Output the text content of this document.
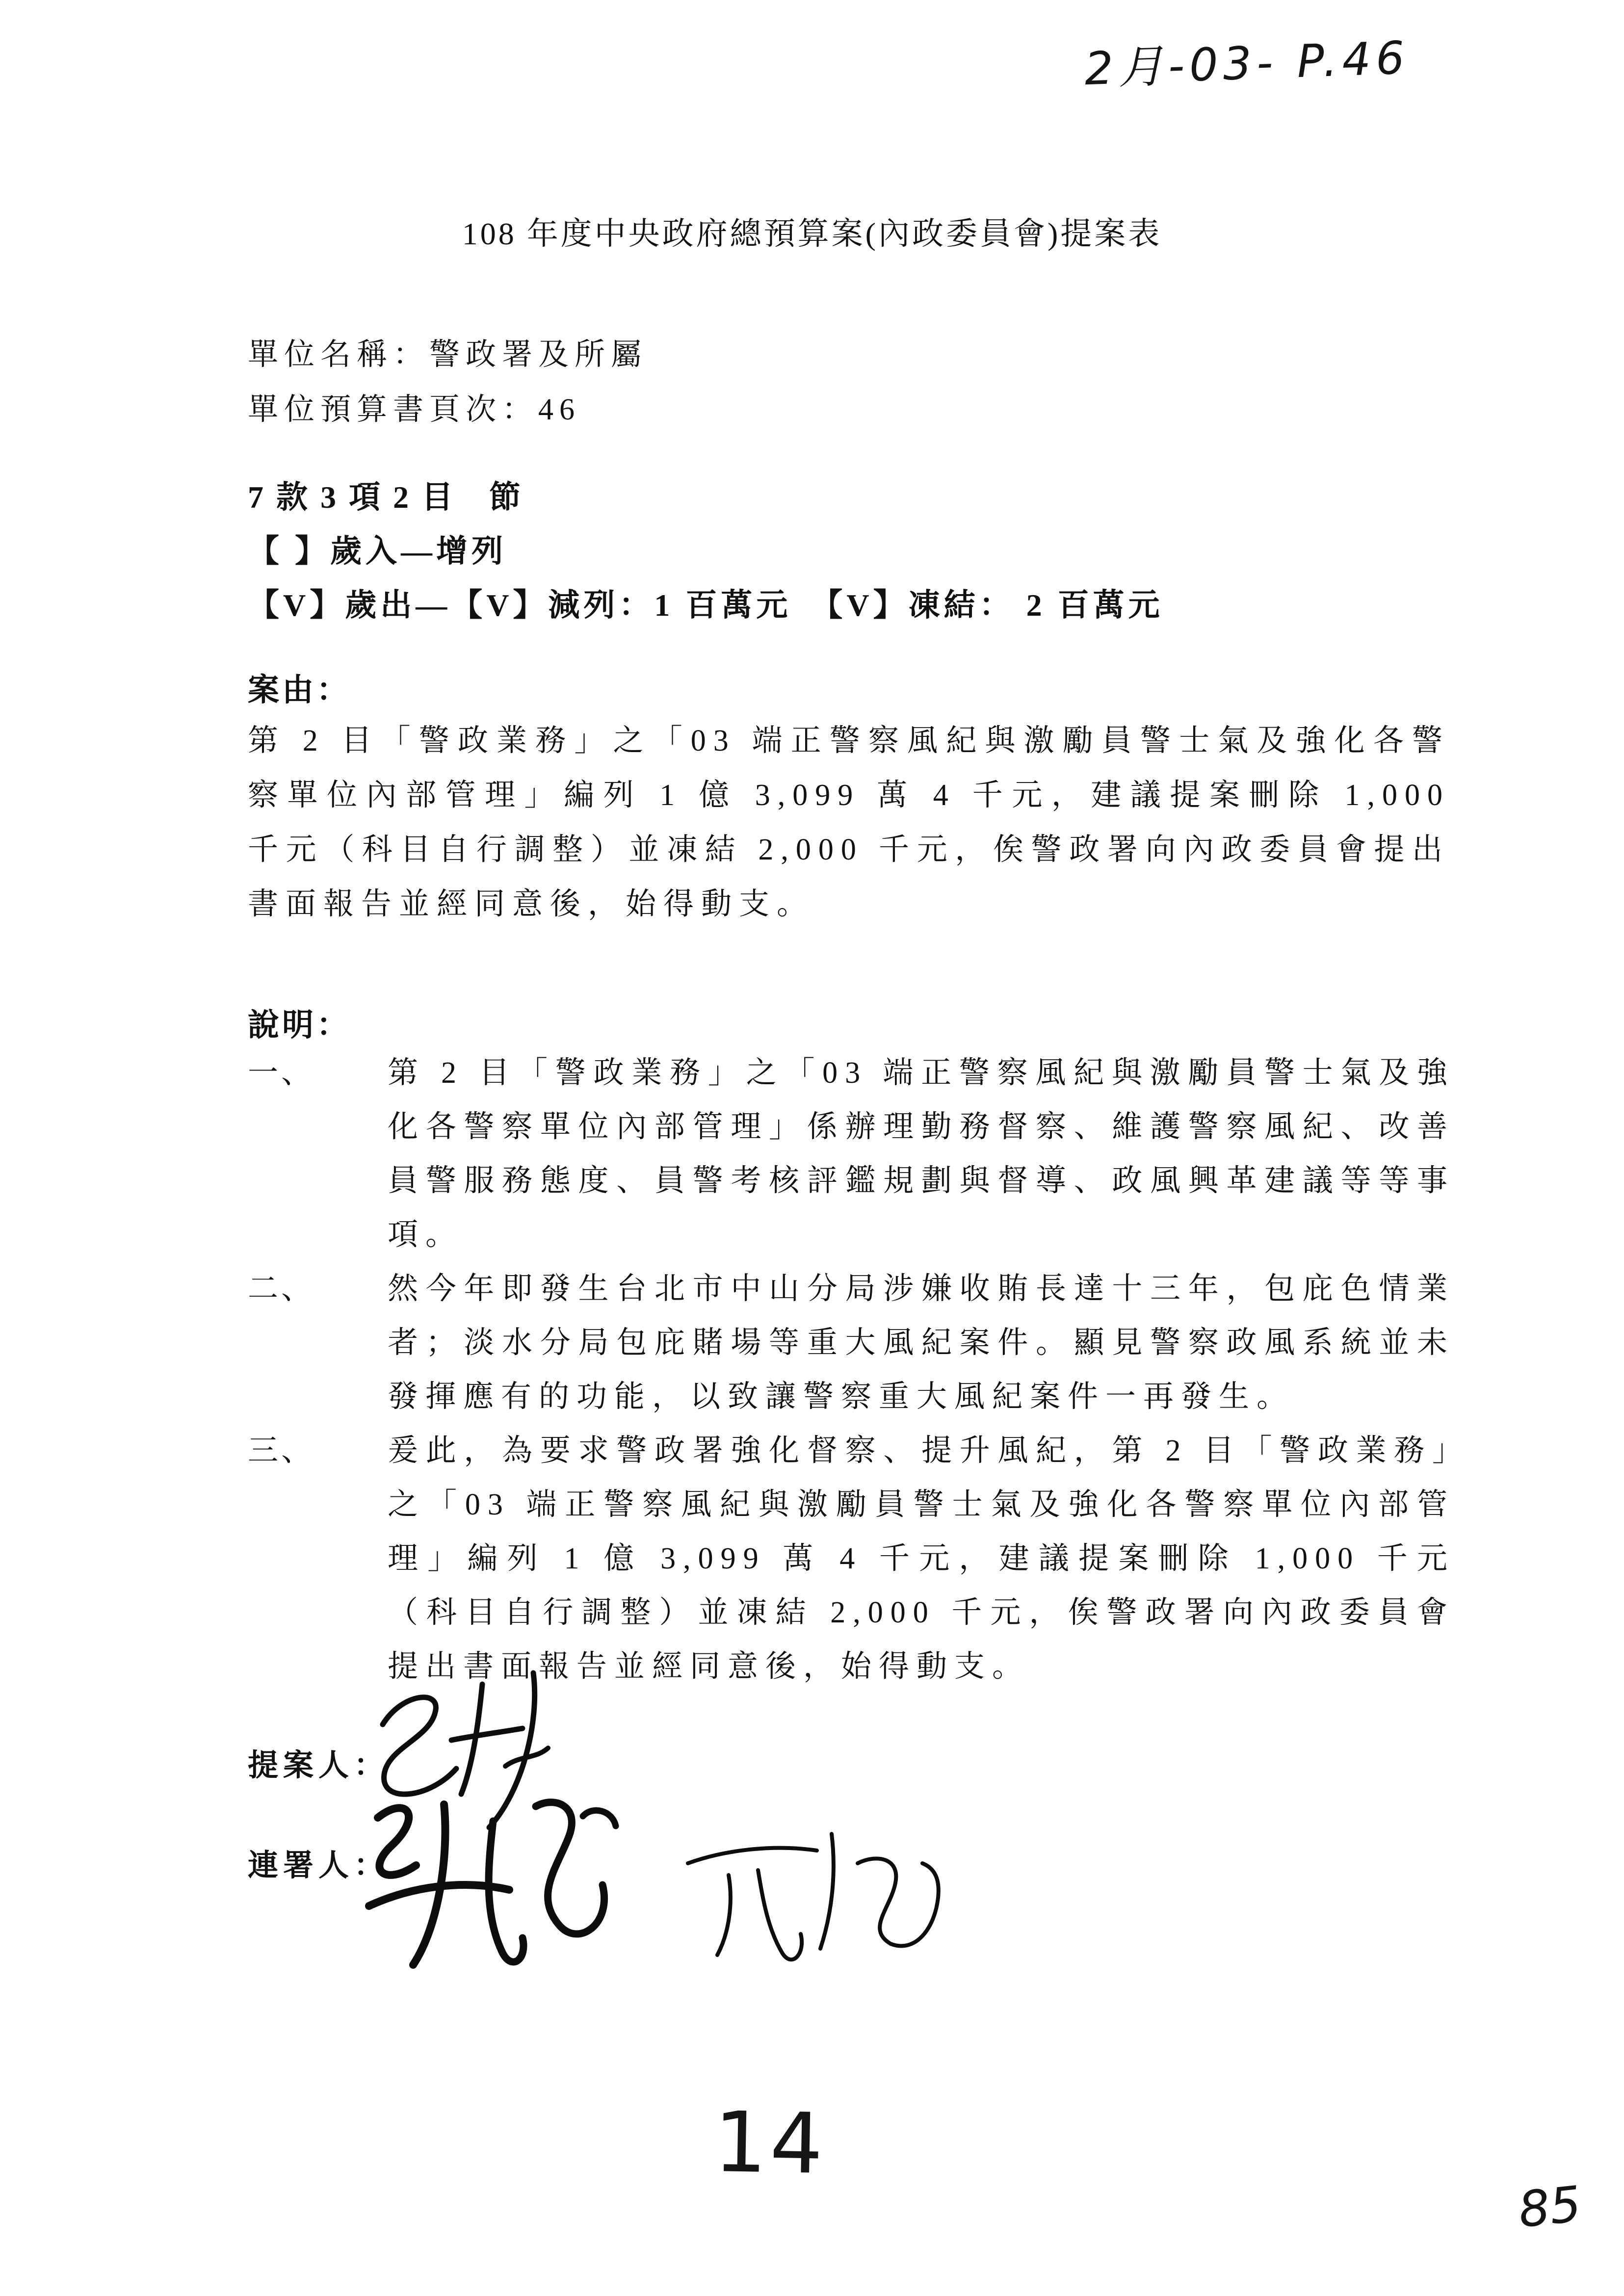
2月-03- P.46
108 年度中央政府總預算案(內政委員會)提案表
單位名稱：警政署及所屬
單位預算書頁次：46
7 款 3 項 2 目　節
【 】歲入—增列
【V】歲出—【V】減列：1 百萬元　【V】凍結： 2 百萬元
案由：
第 2 目「警政業務」之「03 端正警察風紀與激勵員警士氣及強化各警察單位內部管理」編列 1 億 3,099 萬 4 千元，建議提案刪除 1,000 千元（科目自行調整）並凍結 2,000 千元，俟警政署向內政委員會提出書面報告並經同意後，始得動支。
說明：
一、	第 2 目「警政業務」之「03 端正警察風紀與激勵員警士氣及強化各警察單位內部管理」係辦理勤務督察、維護警察風紀、改善員警服務態度、員警考核評鑑規劃與督導、政風興革建議等等事項。
二、	然今年即發生台北市中山分局涉嫌收賄長達十三年，包庇色情業者；淡水分局包庇賭場等重大風紀案件。顯見警察政風系統並未發揮應有的功能，以致讓警察重大風紀案件一再發生。
三、	爰此，為要求警政署強化督察、提升風紀，第 2 目「警政業務」之「03 端正警察風紀與激勵員警士氣及強化各警察單位內部管理」編列 1 億 3,099 萬 4 千元，建議提案刪除 1,000 千元（科目自行調整）並凍結 2,000 千元，俟警政署向內政委員會提出書面報告並經同意後，始得動支。
提案人：
連署人：
14
85
